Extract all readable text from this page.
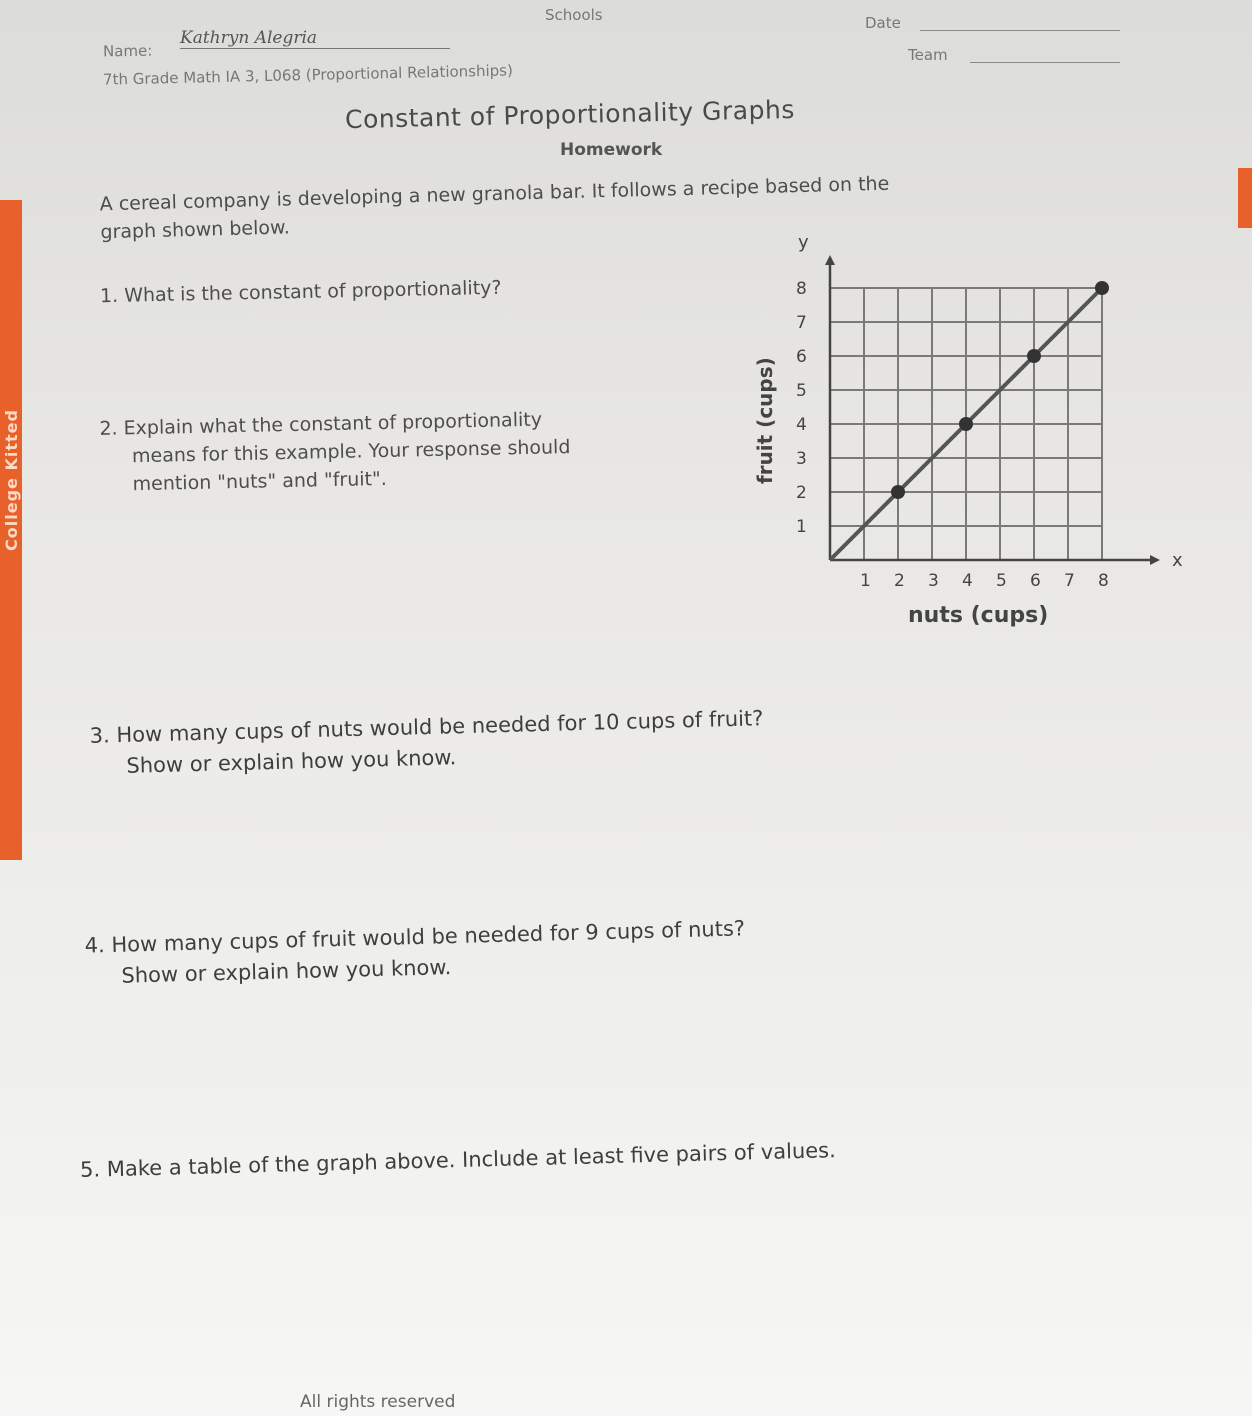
College Kitted
Schools
Name:
Kathryn Alegria
Date
7th Grade Math IA 3, L068 (Proportional Relationships)
Team
Constant of Proportionality Graphs
Homework
A cereal company is developing a new granola bar. It follows a recipe based on the
graph shown below.
1. What is the constant of proportionality?
2. Explain what the constant of proportionality
means for this example. Your response should
mention "nuts" and "fruit".
1 2 3 4 5 6 7 8
1
2
3
4
5
6
7
8
y
x
fruit (cups)
nuts (cups)
3. How many cups of nuts would be needed for 10 cups of fruit?
Show or explain how you know.
4. How many cups of fruit would be needed for 9 cups of nuts?
Show or explain how you know.
5. Make a table of the graph above. Include at least five pairs of values.
All rights reserved
